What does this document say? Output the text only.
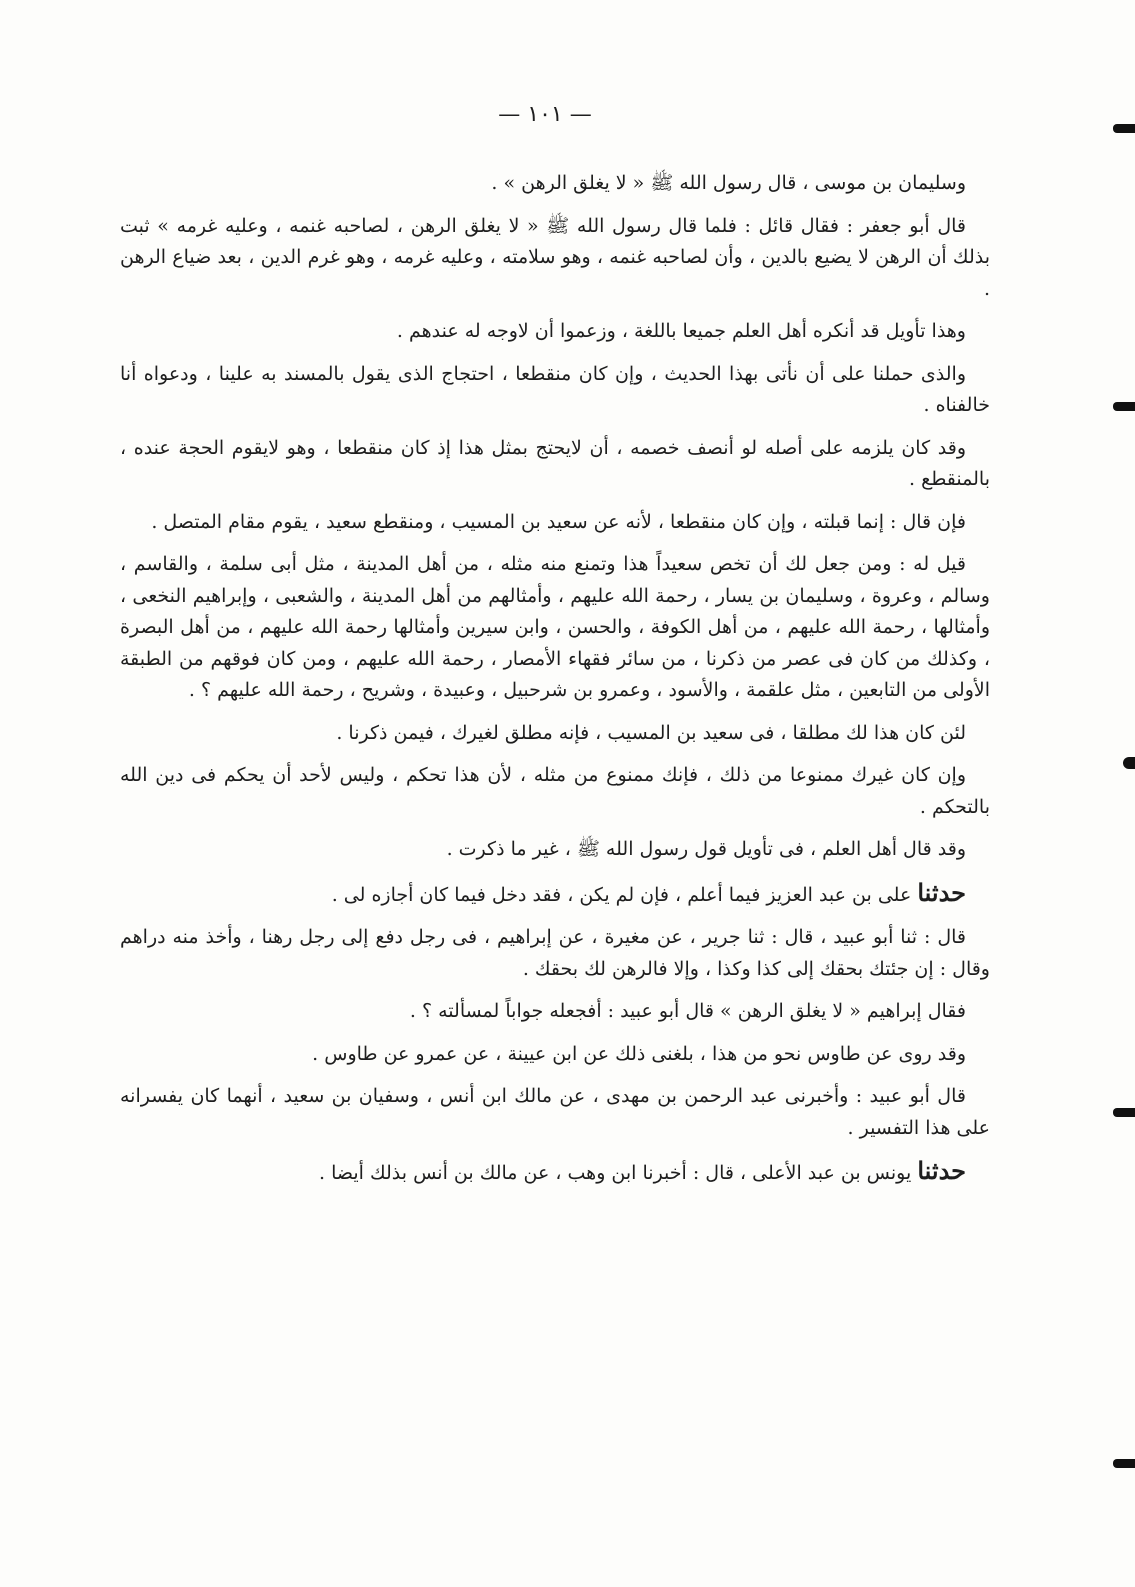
— ١٠١ —

وسليمان بن موسى ، قال رسول الله ﷺ « لا يغلق الرهن » .

قال أبو جعفر : فقال قائل : فلما قال رسول الله ﷺ « لا يغلق الرهن ، لصاحبه غنمه ، وعليه غرمه » ثبت بذلك أن الرهن لا يضيع بالدين ، وأن لصاحبه غنمه ، وهو سلامته ، وعليه غرمه ، وهو غرم الدين ، بعد ضياع الرهن .

وهذا تأويل قد أنكره أهل العلم جميعا باللغة ، وزعموا أن لاوجه له عندهم .

والذى حملنا على أن نأتى بهذا الحديث ، وإن كان منقطعا ، احتجاج الذى يقول بالمسند به علينا ، ودعواه أنا خالفناه .

وقد كان يلزمه على أصله لو أنصف خصمه ، أن لايحتج بمثل هذا إذ كان منقطعا ، وهو لايقوم الحجة عنده ، بالمنقطع .

فإن قال : إنما قبلته ، وإن كان منقطعا ، لأنه عن سعيد بن المسيب ، ومنقطع سعيد ، يقوم مقام المتصل .

قيل له : ومن جعل لك أن تخص سعيداً هذا وتمنع منه مثله ، من أهل المدينة ، مثل أبى سلمة ، والقاسم ، وسالم ، وعروة ، وسليمان بن يسار ، رحمة الله عليهم ، وأمثالهم من أهل المدينة ، والشعبى ، وإبراهيم النخعى ، وأمثالها ، رحمة الله عليهم ، من أهل الكوفة ، والحسن ، وابن سيرين وأمثالها رحمة الله عليهم ، من أهل البصرة ، وكذلك من كان فى عصر من ذكرنا ، من سائر فقهاء الأمصار ، رحمة الله عليهم ، ومن كان فوقهم من الطبقة الأولى من التابعين ، مثل علقمة ، والأسود ، وعمرو بن شرحبيل ، وعبيدة ، وشريح ، رحمة الله عليهم ؟ .

لئن كان هذا لك مطلقا ، فى سعيد بن المسيب ، فإنه مطلق لغيرك ، فيمن ذكرنا .

وإن كان غيرك ممنوعا من ذلك ، فإنك ممنوع من مثله ، لأن هذا تحكم ، وليس لأحد أن يحكم فى دين الله بالتحكم .

وقد قال أهل العلم ، فى تأويل قول رسول الله ﷺ ، غير ما ذكرت .

حدثنا على بن عبد العزيز فيما أعلم ، فإن لم يكن ، فقد دخل فيما كان أجازه لى .

قال : ثنا أبو عبيد ، قال : ثنا جرير ، عن مغيرة ، عن إبراهيم ، فى رجل دفع إلى رجل رهنا ، وأخذ منه دراهم وقال : إن جئتك بحقك إلى كذا وكذا ، وإلا فالرهن لك بحقك .

فقال إبراهيم « لا يغلق الرهن » قال أبو عبيد : أفجعله جواباً لمسألته ؟ .

وقد روى عن طاوس نحو من هذا ، بلغنى ذلك عن ابن عيينة ، عن عمرو عن طاوس .

قال أبو عبيد : وأخبرنى عبد الرحمن بن مهدى ، عن مالك ابن أنس ، وسفيان بن سعيد ، أنهما كان يفسرانه على هذا التفسير .

حدثنا يونس بن عبد الأعلى ، قال : أخبرنا ابن وهب ، عن مالك بن أنس بذلك أيضا .
